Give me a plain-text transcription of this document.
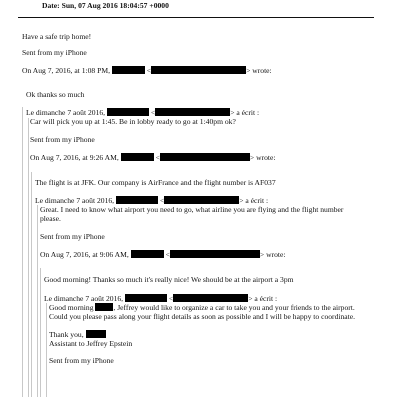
Date: Sun, 07 Aug 2016 18:04:57 +0000
Have a safe trip home!
Sent from my iPhone
On Aug 7, 2016, at 1:08 PM,	<	> wrote:
Ok thanks so much
Le dimanche 7 août 2016,	<	> a écrit :
Car will pick you up at 1:45. Be in lobby ready to go at 1:40pm ok?
Sent from my iPhone
On Aug 7, 2016, at 9:26 AM,	<	> wrote:
The flight is at JFK. Our company is AirFrance and the flight number is AF037
Le dimanche 7 août 2016,	<	> a écrit :
Great. I need to know what airport you need to go, what airline you are flying and the flight number please.
Sent from my iPhone
On Aug 7, 2016, at 9:06 AM,	<	> wrote:
Good morning! Thanks so much it's really nice! We should be at the airport a 3pm
Le dimanche 7 août 2016,	<	> a écrit :
Good morning	, Jeffrey would like to organize a car to take you and your friends to the airport.
Could you please pass along your flight details as soon as possible and I will be happy to coordinate.
Thank you,
Assistant to Jeffrey Epstein
Sent from my iPhone
